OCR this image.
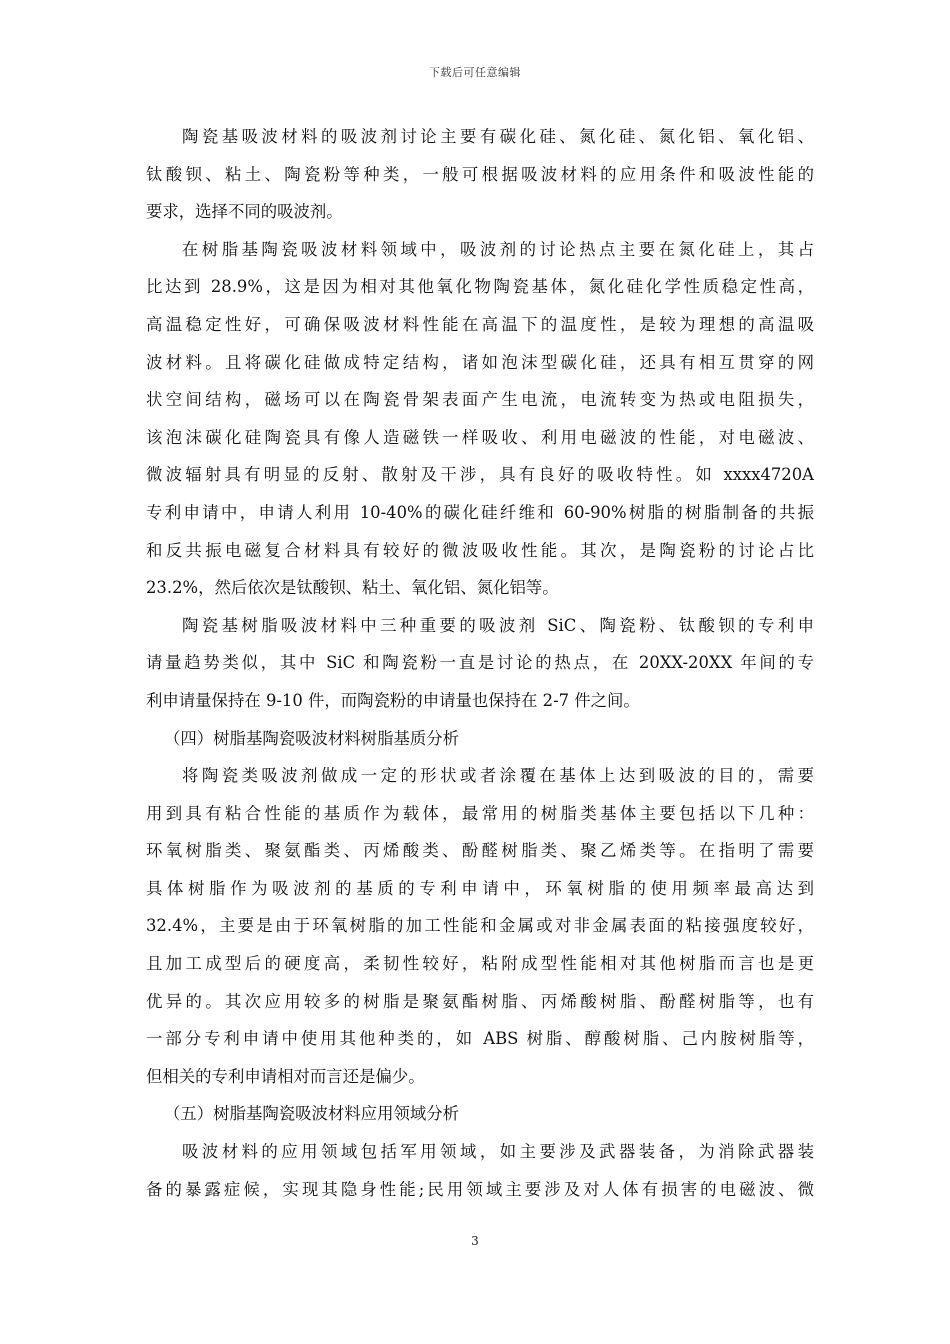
下载后可任意编辑
陶瓷基吸波材料的吸波剂讨论主要有碳化硅、氮化硅、氮化铝、氧化铝、
钛酸钡、粘土、陶瓷粉等种类，一般可根据吸波材料的应用条件和吸波性能的
要求，选择不同的吸波剂。
在树脂基陶瓷吸波材料领域中，吸波剂的讨论热点主要在氮化硅上，其占
比达到 28.9%，这是因为相对其他氧化物陶瓷基体，氮化硅化学性质稳定性高，
高温稳定性好，可确保吸波材料性能在高温下的温度性，是较为理想的高温吸
波材料。且将碳化硅做成特定结构，诸如泡沫型碳化硅，还具有相互贯穿的网
状空间结构，磁场可以在陶瓷骨架表面产生电流，电流转变为热或电阻损失，
该泡沫碳化硅陶瓷具有像人造磁铁一样吸收、利用电磁波的性能，对电磁波、
微波辐射具有明显的反射、散射及干涉，具有良好的吸收特性。如 xxxx4720A
专利申请中，申请人利用 10-40%的碳化硅纤维和 60-90%树脂的树脂制备的共振
和反共振电磁复合材料具有较好的微波吸收性能。其次，是陶瓷粉的讨论占比
23.2%，然后依次是钛酸钡、粘土、氧化铝、氮化铝等。
陶瓷基树脂吸波材料中三种重要的吸波剂 SiC、陶瓷粉、钛酸钡的专利申
请量趋势类似，其中 SiC 和陶瓷粉一直是讨论的热点，在 20XX-20XX 年间的专
利申请量保持在 9-10 件，而陶瓷粉的申请量也保持在 2-7 件之间。
（四）树脂基陶瓷吸波材料树脂基质分析
将陶瓷类吸波剂做成一定的形状或者涂覆在基体上达到吸波的目的，需要
用到具有粘合性能的基质作为载体，最常用的树脂类基体主要包括以下几种：
环氧树脂类、聚氨酯类、丙烯酸类、酚醛树脂类、聚乙烯类等。在指明了需要
具体树脂作为吸波剂的基质的专利申请中，环氧树脂的使用频率最高达到
32.4%，主要是由于环氧树脂的加工性能和金属或对非金属表面的粘接强度较好，
且加工成型后的硬度高，柔韧性较好，粘附成型性能相对其他树脂而言也是更
优异的。其次应用较多的树脂是聚氨酯树脂、丙烯酸树脂、酚醛树脂等，也有
一部分专利申请中使用其他种类的，如 ABS 树脂、醇酸树脂、己内胺树脂等，
但相关的专利申请相对而言还是偏少。
（五）树脂基陶瓷吸波材料应用领域分析
吸波材料的应用领域包括军用领域，如主要涉及武器装备，为消除武器装
备的暴露症候，实现其隐身性能;民用领域主要涉及对人体有损害的电磁波、微
3
